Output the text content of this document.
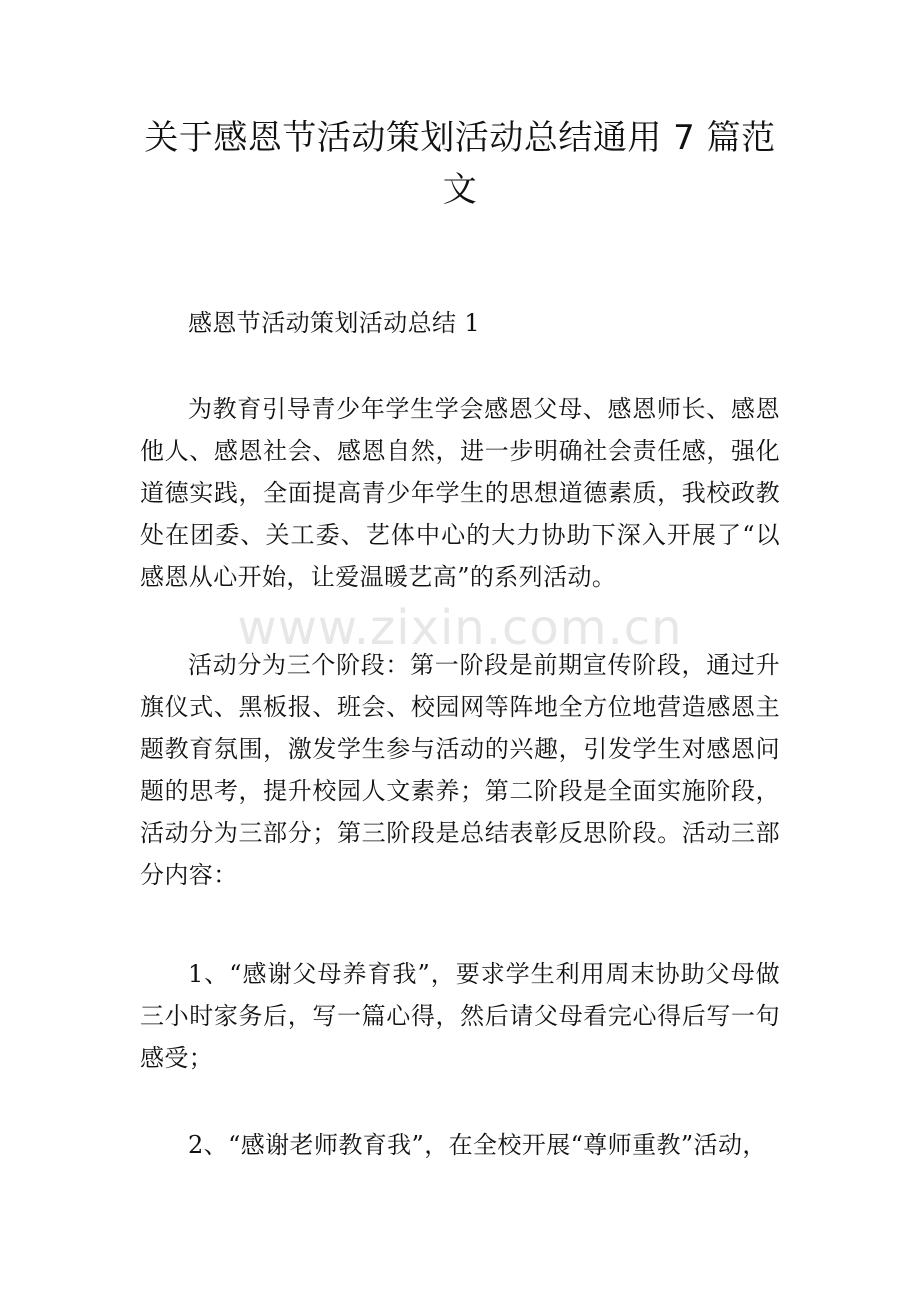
关于感恩节活动策划活动总结通用 7 篇范文

感恩节活动策划活动总结 1

为教育引导青少年学生学会感恩父母、感恩师长、感恩他人、感恩社会、感恩自然，进一步明确社会责任感，强化道德实践，全面提高青少年学生的思想道德素质，我校政教处在团委、关工委、艺体中心的大力协助下深入开展了“以感恩从心开始，让爱温暖艺高”的系列活动。

www.zixin.com.cn

活动分为三个阶段：第一阶段是前期宣传阶段，通过升旗仪式、黑板报、班会、校园网等阵地全方位地营造感恩主题教育氛围，激发学生参与活动的兴趣，引发学生对感恩问题的思考，提升校园人文素养；第二阶段是全面实施阶段，活动分为三部分；第三阶段是总结表彰反思阶段。活动三部分内容：

1、“感谢父母养育我”，要求学生利用周末协助父母做三小时家务后，写一篇心得，然后请父母看完心得后写一句感受；

2、“感谢老师教育我”，在全校开展“尊师重教”活动，
